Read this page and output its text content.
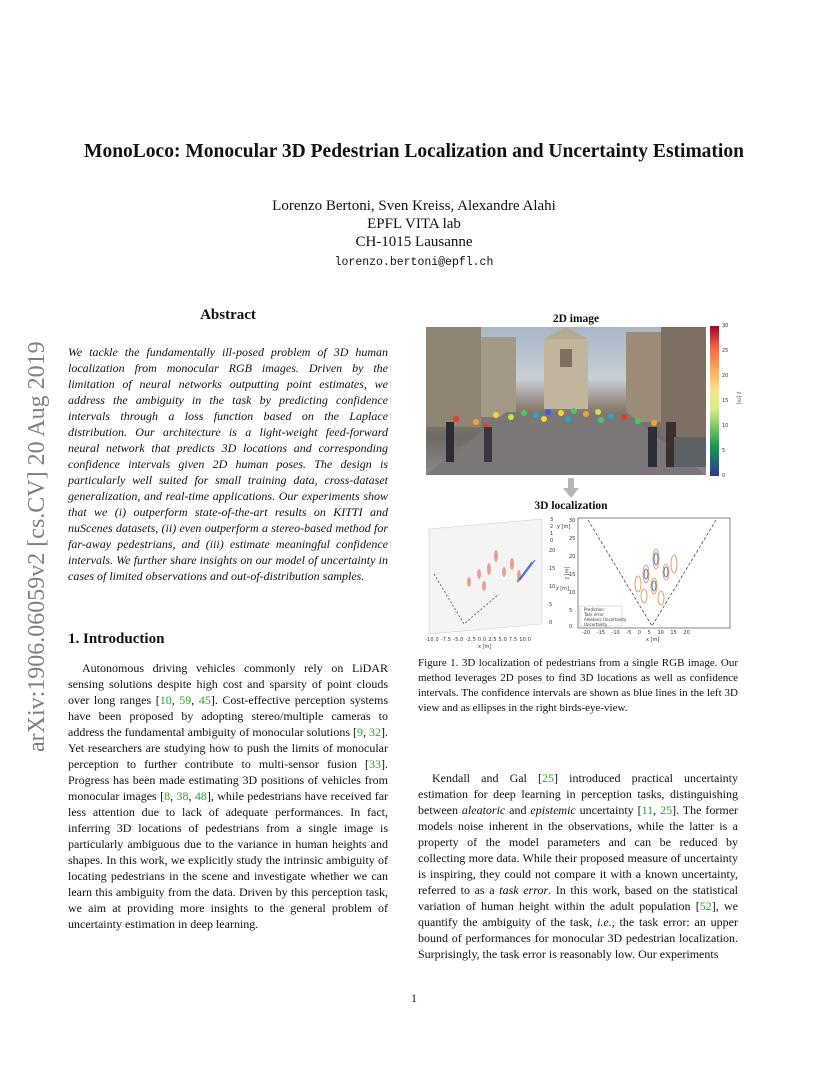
arXiv:1906.06059v2 [cs.CV] 20 Aug 2019
MonoLoco: Monocular 3D Pedestrian Localization and Uncertainty Estimation
Lorenzo Bertoni, Sven Kreiss, Alexandre Alahi
EPFL VITA lab
CH-1015 Lausanne
lorenzo.bertoni@epfl.ch
Abstract

We tackle the fundamentally ill-posed problem of 3D human localization from monocular RGB images. Driven by the limitation of neural networks outputting point estimates, we address the ambiguity in the task by predicting confidence intervals through a loss function based on the Laplace distribution. Our architecture is a light-weight feed-forward neural network that predicts 3D locations and corresponding confidence intervals given 2D human poses. The design is particularly well suited for small training data, cross-dataset generalization, and real-time applications. Our experiments show that we (i) outperform state-of-the-art results on KITTI and nuScenes datasets, (ii) even outperform a stereo-based method for far-away pedestrians, and (iii) estimate meaningful confidence intervals. We further share insights on our model of uncertainty in cases of limited observations and out-of-distribution samples.

1. Introduction

Autonomous driving vehicles commonly rely on LiDAR sensing solutions despite high cost and sparsity of point clouds over long ranges [10, 59, 45]. Cost-effective perception systems have been proposed by adopting stereo/multiple cameras to address the fundamental ambiguity of monocular solutions [9, 32]. Yet researchers are studying how to push the limits of monocular perception to further contribute to multi-sensor fusion [33]. Progress has been made estimating 3D positions of vehicles from monocular images [8, 38, 48], while pedestrians have received far less attention due to lack of adequate performances. In fact, inferring 3D locations of pedestrians from a single image is particularly ambiguous due to the variance in human heights and shapes. In this work, we explicitly study the intrinsic ambiguity of locating pedestrians in the scene and investigate whether we can learn this ambiguity from the data. Driven by this perception task, we aim at providing more insights to the general problem of uncertainty estimation in deep learning.

2D image
30
25
20
15
10
5
0
z [m]
3D localization
-10.0 -7.5 -5.0 -2.5 0.0 2.5 5.0 7.5 10.0
x [m]
3
2
1
0
y [m]
20
15
10
5
0
z [m]
30
25
20
15
10
5
0
z [m]
-20 -15 -10 -5 0 5 10 15 20
x [m]
Prediction
Task error
Aleatoric Uncertainty
Uncertainty
Figure 1. 3D localization of pedestrians from a single RGB image. Our method leverages 2D poses to find 3D locations as well as confidence intervals. The confidence intervals are shown as blue lines in the left 3D view and as ellipses in the right birds-eye-view.

Kendall and Gal [25] introduced practical uncertainty estimation for deep learning in perception tasks, distinguishing between aleatoric and epistemic uncertainty [11, 25]. The former models noise inherent in the observations, while the latter is a property of the model parameters and can be reduced by collecting more data. While their proposed measure of uncertainty is inspiring, they could not compare it with a known uncertainty, referred to as a task error. In this work, based on the statistical variation of human height within the adult population [52], we quantify the ambiguity of the task, i.e., the task error: an upper bound of performances for monocular 3D pedestrian localization. Surprisingly, the task error is reasonably low. Our experiments

1
